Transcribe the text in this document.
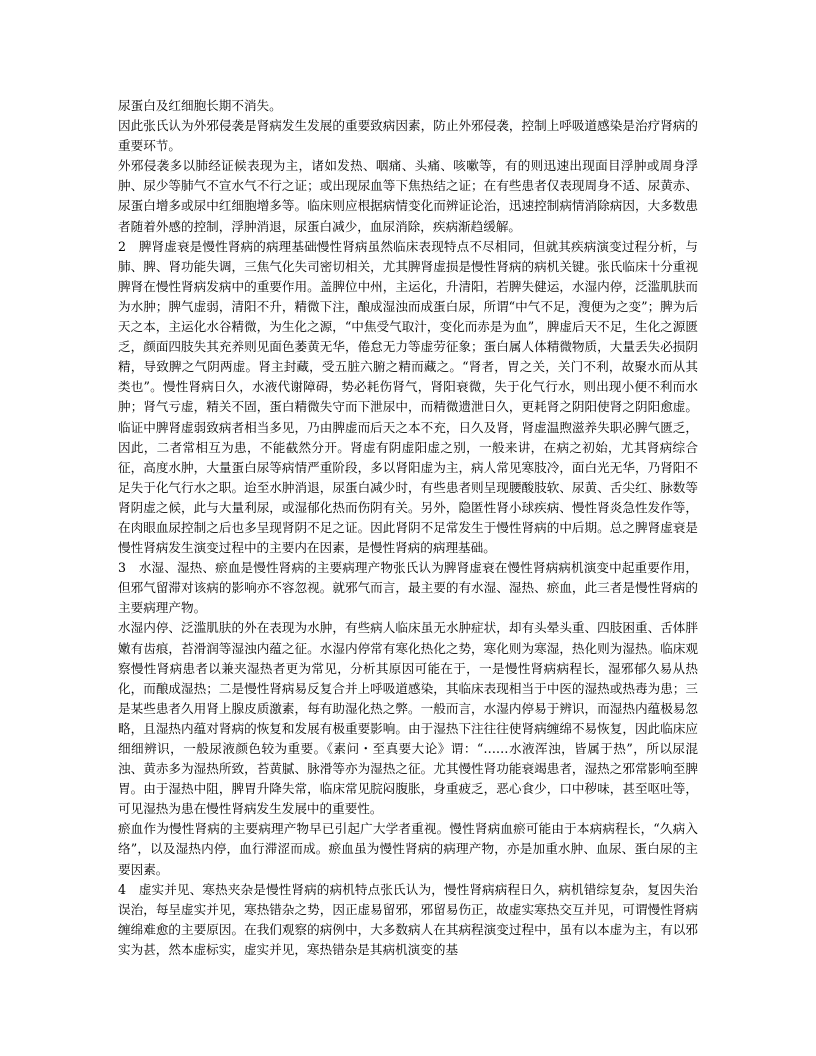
尿蛋白及红细胞长期不消失。

因此张氏认为外邪侵袭是肾病发生发展的重要致病因素，防止外邪侵袭，控制上呼吸道感染是治疗肾病的重要环节。

外邪侵袭多以肺经证候表现为主，诸如发热、咽痛、头痛、咳嗽等，有的则迅速出现面目浮肿或周身浮肿、尿少等肺气不宣水气不行之证；或出现尿血等下焦热结之证；在有些患者仅表现周身不适、尿黄赤、尿蛋白增多或尿中红细胞增多等。临床则应根据病情变化而辨证论治，迅速控制病情消除病因，大多数患者随着外感的控制，浮肿消退，尿蛋白减少，血尿消除，疾病渐趋缓解。

2　脾肾虚衰是慢性肾病的病理基础慢性肾病虽然临床表现特点不尽相同，但就其疾病演变过程分析，与肺、脾、肾功能失调，三焦气化失司密切相关，尤其脾肾虚损是慢性肾病的病机关键。张氏临床十分重视脾肾在慢性肾病发病中的重要作用。盖脾位中州，主运化，升清阳，若脾失健运，水湿内停，泛滥肌肤而为水肿；脾气虚弱，清阳不升，精微下注，酿成湿浊而成蛋白尿，所谓“中气不足，溲便为之变”；脾为后天之本，主运化水谷精微，为生化之源，“中焦受气取汁，变化而赤是为血”，脾虚后天不足，生化之源匮乏，颜面四肢失其充养则见面色萎黄无华，倦怠无力等虚劳征象；蛋白属人体精微物质，大量丢失必损阴精，导致脾之气阴两虚。肾主封藏，受五脏六腑之精而藏之。“肾者，胃之关，关门不利，故聚水而从其类也”。慢性肾病日久，水液代谢障碍，势必耗伤肾气，肾阳衰微，失于化气行水，则出现小便不利而水肿；肾气亏虚，精关不固，蛋白精微失守而下泄尿中，而精微遗泄日久，更耗肾之阴阳使肾之阴阳愈虚。临证中脾肾虚弱致病者相当多见，乃由脾虚而后天之本不充，日久及肾，肾虚温煦滋养失职必脾气匮乏，因此，二者常相互为患，不能截然分开。肾虚有阴虚阳虚之别，一般来讲，在病之初始，尤其肾病综合征，高度水肿，大量蛋白尿等病情严重阶段，多以肾阳虚为主，病人常见寒肢冷，面白光无华，乃肾阳不足失于化气行水之职。迨至水肿消退，尿蛋白减少时，有些患者则呈现腰酸肢软、尿黄、舌尖红、脉数等肾阴虚之候，此与大量利尿，或湿郁化热而伤阴有关。另外，隐匿性肾小球疾病、慢性肾炎急性发作等，在肉眼血尿控制之后也多呈现肾阴不足之证。因此肾阴不足常发生于慢性肾病的中后期。总之脾肾虚衰是慢性肾病发生演变过程中的主要内在因素，是慢性肾病的病理基础。

3　水湿、湿热、瘀血是慢性肾病的主要病理产物张氏认为脾肾虚衰在慢性肾病病机演变中起重要作用，但邪气留滞对该病的影响亦不容忽视。就邪气而言，最主要的有水湿、湿热、瘀血，此三者是慢性肾病的主要病理产物。

水湿内停、泛滥肌肤的外在表现为水肿，有些病人临床虽无水肿症状，却有头晕头重、四肢困重、舌体胖嫩有齿痕，苔滑润等湿浊内蕴之征。水湿内停常有寒化热化之势，寒化则为寒湿，热化则为湿热。临床观察慢性肾病患者以兼夹湿热者更为常见，分析其原因可能在于，一是慢性肾病病程长，湿邪郁久易从热化，而酿成湿热；二是慢性肾病易反复合并上呼吸道感染，其临床表现相当于中医的湿热或热毒为患；三是某些患者久用肾上腺皮质激素，每有助湿化热之弊。一般而言，水湿内停易于辨识，而湿热内蕴极易忽略，且湿热内蕴对肾病的恢复和发展有极重要影响。由于湿热下注往往使肾病缠绵不易恢复，因此临床应细细辨识，一般尿液颜色较为重要。《素问・至真要大论》谓：“……水液浑浊，皆属于热”，所以尿混浊、黄赤多为湿热所致，苔黄腻、脉滑等亦为湿热之征。尤其慢性肾功能衰竭患者，湿热之邪常影响至脾胃。由于湿热中阻，脾胃升降失常，临床常见脘闷腹胀，身重疲乏，恶心食少，口中秽味，甚至呕吐等，可见湿热为患在慢性肾病发生发展中的重要性。

瘀血作为慢性肾病的主要病理产物早已引起广大学者重视。慢性肾病血瘀可能由于本病病程长，“久病入络”，以及湿热内停，血行滞涩而成。瘀血虽为慢性肾病的病理产物，亦是加重水肿、血尿、蛋白尿的主要因素。

4　虚实并见、寒热夹杂是慢性肾病的病机特点张氏认为，慢性肾病病程日久，病机错综复杂，复因失治误治，每呈虚实并见，寒热错杂之势，因正虚易留邪，邪留易伤正，故虚实寒热交互并见，可谓慢性肾病缠绵难愈的主要原因。在我们观察的病例中，大多数病人在其病程演变过程中，虽有以本虚为主，有以邪实为甚，然本虚标实，虚实并见，寒热错杂是其病机演变的基
